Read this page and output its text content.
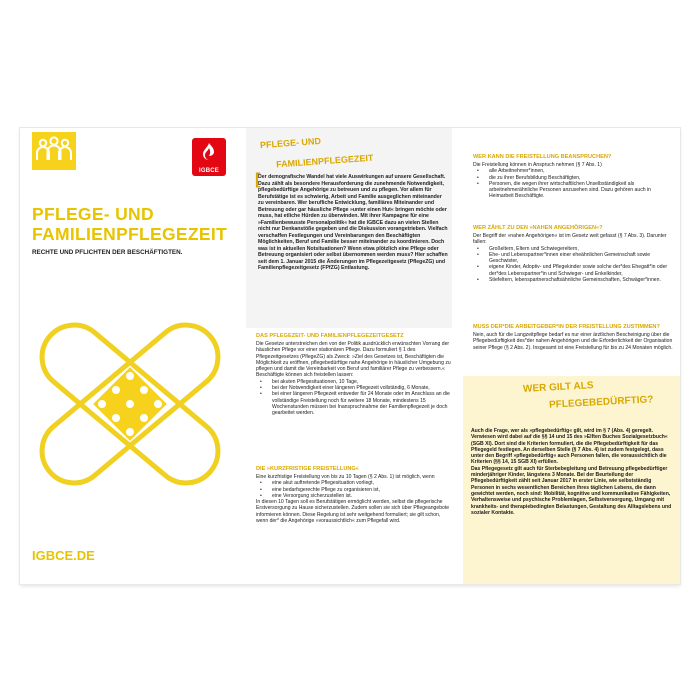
IGBCE
PFLEGE- UND
FAMILIENPFLEGEZEIT
RECHTE UND PFLICHTEN DER BESCHÄFTIGTEN.
IGBCE.DE
PFLEGE- UND
FAMILIENPFLEGEZEIT
[
Der demografische Wandel hat viele Auswirkungen auf unsere Gesellschaft. Dazu zählt als besondere Herausforderung die zunehmende Notwendigkeit, pflegebedürftige Angehörige zu betreuen und zu pflegen. Vor allem für Berufstätige ist es schwierig, Arbeit und Familie ausgeglichen miteinander zu vereinbaren. Wer berufliche Entwicklung, familiäres Miteinander und Betreuung oder gar häusliche Pflege »unter einen Hut« bringen möchte oder muss, hat etliche Hürden zu überwinden. Mit ihrer Kampagne für eine »Familienbewusste Personalpolitik« hat die IGBCE dazu an vielen Stellen nicht nur Denkanstöße gegeben und die Diskussion vorangetrieben. Vielfach verschaffen Festlegungen und Vereinbarungen den Beschäftigten Möglichkeiten, Beruf und Familie besser miteinander zu koordinieren. Doch was ist in aktuellen Notsituationen? Wenn etwa plötzlich eine Pflege oder Betreuung organisiert oder selbst übernommen werden muss? Hier schaffen seit dem 1. Januar 2015 die Änderungen im Pflegezeitgesetz (PflegeZG) und Familienpflegezeitgesetz (FPfZG) Entlastung.
DAS PFLEGEZEIT- UND FAMILIENPFLEGEZEITGESETZ
Die Gesetze unterstreichen den von der Politik ausdrücklich erwünschten Vorrang der häuslichen Pflege vor einer stationären Pflege. Dazu formuliert § 1 des Pflegezeitgesetzes (PflegeZG) als Zweck: »Ziel des Gesetzes ist, Beschäftigten die Möglichkeit zu eröffnen, pflegebedürftige nahe Angehörige in häuslicher Umgebung zu pflegen und damit die Vereinbarkeit von Beruf und familiärer Pflege zu verbessern.« Beschäftigte können sich freistellen lassen:
• bei akuten Pflegesituationen, 10 Tage,
• bei der Notwendigkeit einer längeren Pflegezeit vollständig, 6 Monate,
• bei einer längeren Pflegezeit entweder für 24 Monate oder im Anschluss an die vollständige Freistellung noch für weitere 18 Monate, mindestens 15 Wochenstunden müssen bei Inanspruchnahme der Familienpflegezeit je doch gearbeitet werden.
DIE »KURZFRISTIGE FREISTELLUNG«
Eine kurzfristige Freistellung von bis zu 10 Tagen (§ 2 Abs. 1) ist möglich, wenn
• eine akut auftretende Pflegesituation vorliegt,
• eine bedarfsgerechte Pflege zu organisieren ist,
• eine Versorgung sicherzustellen ist.
In diesen 10 Tagen soll es Berufstätigen ermöglicht werden, selbst die pflegerische Erstversorgung zu Hause sicherzustellen. Zudem sollen sie sich über Pflegeangebote informieren können. Diese Regelung ist sehr weitgehend formuliert; sie gilt schon, wenn der* die Angehörige »voraussichtlich« zum Pflegefall wird.
WER KANN DIE FREISTELLUNG BEANSPRUCHEN?
Die Freistellung können in Anspruch nehmen (§ 7 Abs. 1)
• alle Arbeitnehmer*innen,
• die zu ihrer Berufsbildung Beschäftigten,
• Personen, die wegen ihrer wirtschaftlichen Unselbständigkeit als arbeitnehmerähnliche Personen anzusehen sind. Dazu gehören auch in Heimarbeit Beschäftigte.
WER ZÄHLT ZU DEN »NAHEN ANGEHÖRIGEN«?
Der Begriff der »nahen Angehörigen« ist im Gesetz weit gefasst (§ 7 Abs. 3). Darunter fallen:
• Großeltern, Eltern und Schwiegereltern,
• Ehe- und Lebenspartner*innen einer eheähnlichen Gemeinschaft sowie Geschwister,
• eigene Kinder, Adoptiv- und Pflegekinder sowie solche der*des Ehegatt*in oder der*des Lebenspartner*in und Schwieger- und Enkelkinder,
• Stiefeltern, lebenspartnerschaftsähnliche Gemeinschaften, Schwäger*innen.
MUSS DER*DIE ARBEITGEBER*IN DER FREISTELLUNG ZUSTIMMEN?
Nein, auch für die Langzeitpflege bedarf es nur einer ärztlichen Bescheinigung über die Pflegebedürftigkeit des*der nahen Angehörigen und die Erforderlichkeit der Organisation seiner Pflege (§ 2 Abs. 2). Insgesamt ist eine Freistellung für bis zu 24 Monaten möglich.
WER GILT ALS
PFLEGEBEDÜRFTIG?
Auch die Frage, wer als »pflegebedürftig« gilt, wird im § 7 (Abs. 4) geregelt. Verwiesen wird dabei auf die §§ 14 und 15 des »Elften Buches Sozialgesetzbuch« (SGB XI). Dort sind die Kriterien formuliert, die die Pflegebedürftigkeit für das Pflegegeld festlegen. An derselben Stelle (§ 7 Abs. 4) ist zudem festgelegt, dass unter den Begriff »pflegebedürftig« auch Personen fallen, die voraussichtlich die Kriterien (§§ 14, 15 SGB XI) erfüllen.
Das Pflegegesetz gilt auch für Sterbebegleitung und Betreuung pflegebedürftiger minderjähriger Kinder, längstens 3 Monate. Bei der Beurteilung der Pflegebedürftigkeit zählt seit Januar 2017 in erster Linie, wie selbstständig Personen in sechs wesentlichen Bereichen ihres täglichen Lebens, die dann gewichtet werden, noch sind: Mobilität, kognitive und kommunikative Fähigkeiten, Verhaltensweise und psychische Problemlagen, Selbstversorgung, Umgang mit krankheits- und therapiebedingten Belastungen, Gestaltung des Alltagslebens und sozialer Kontakte.
